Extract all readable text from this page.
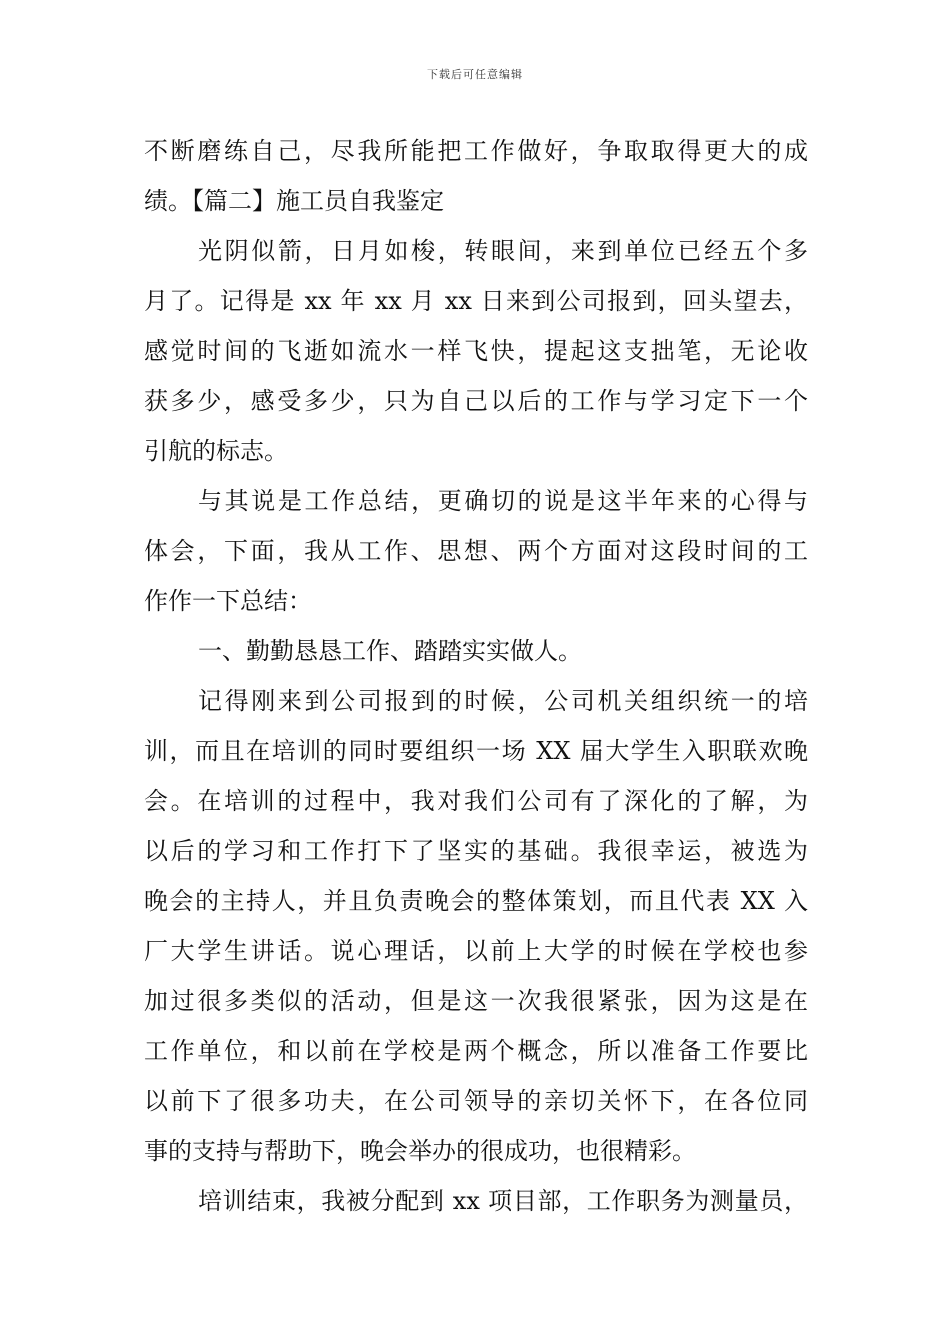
下载后可任意编辑
不断磨练自己，尽我所能把工作做好，争取取得更大的成
绩。【篇二】施工员自我鉴定
光阴似箭，日月如梭，转眼间，来到单位已经五个多
月了。记得是 xx 年 xx 月 xx 日来到公司报到，回头望去，
感觉时间的飞逝如流水一样飞快，提起这支拙笔，无论收
获多少，感受多少，只为自己以后的工作与学习定下一个
引航的标志。
与其说是工作总结，更确切的说是这半年来的心得与
体会，下面，我从工作、思想、两个方面对这段时间的工
作作一下总结：
一、勤勤恳恳工作、踏踏实实做人。
记得刚来到公司报到的时候，公司机关组织统一的培
训，而且在培训的同时要组织一场 XX 届大学生入职联欢晚
会。在培训的过程中，我对我们公司有了深化的了解，为
以后的学习和工作打下了坚实的基础。我很幸运，被选为
晚会的主持人，并且负责晚会的整体策划，而且代表 XX 入
厂大学生讲话。说心理话，以前上大学的时候在学校也参
加过很多类似的活动，但是这一次我很紧张，因为这是在
工作单位，和以前在学校是两个概念，所以准备工作要比
以前下了很多功夫，在公司领导的亲切关怀下，在各位同
事的支持与帮助下，晚会举办的很成功，也很精彩。
培训结束，我被分配到 xx 项目部，工作职务为测量员，
